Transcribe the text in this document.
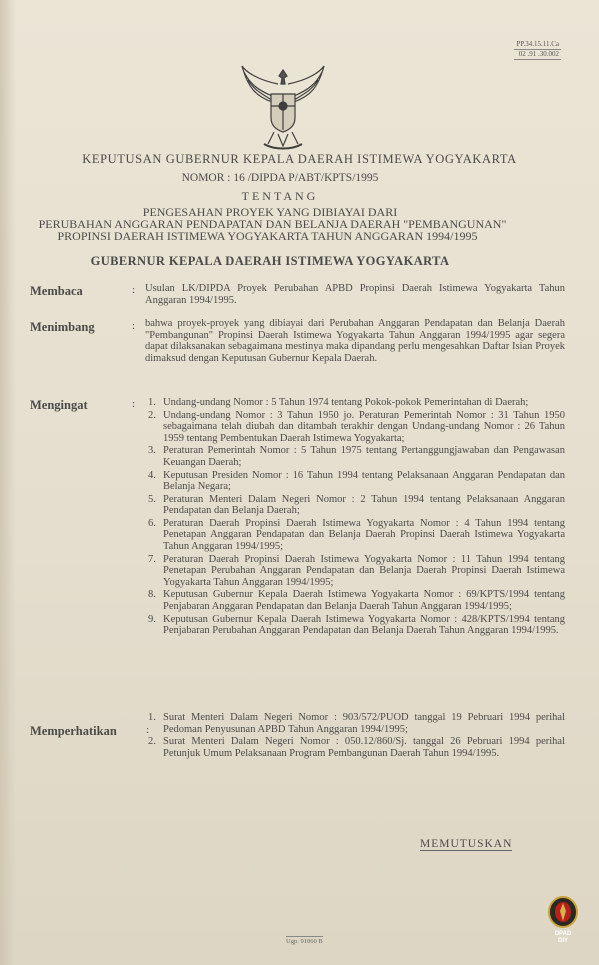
PP.34.15.11.Ca
02 .91 .30.002
KEPUTUSAN GUBERNUR KEPALA DAERAH ISTIMEWA YOGYAKARTA
NOMOR : 16 /DIPDA P/ABT/KPTS/1995
TENTANG
PENGESAHAN PROYEK YANG DIBIAYAI DARI
PERUBAHAN ANGGARAN PENDAPATAN DAN BELANJA DAERAH "PEMBANGUNAN"
PROPINSI DAERAH ISTIMEWA YOGYAKARTA TAHUN ANGGARAN 1994/1995
GUBERNUR KEPALA DAERAH ISTIMEWA YOGYAKARTA
Membaca	: Usulan LK/DIPDA Proyek Perubahan APBD Propinsi Daerah Istimewa Yogyakarta Tahun Anggaran 1994/1995.
Menimbang	: bahwa proyek-proyek yang dibiayai dari Perubahan Anggaran Pendapatan dan Belanja Daerah "Pembangunan" Propinsi Daerah Istimewa Yogyakarta Tahun Anggaran 1994/1995 agar segera dapat dilaksanakan sebagaimana mestinya maka dipandang perlu mengesahkan Daftar Isian Proyek dimaksud dengan Keputusan Gubernur Kepala Daerah.
Mengingat	: 1. Undang-undang Nomor : 5 Tahun 1974 tentang Pokok-pokok Pemerintahan di Daerah;
2. Undang-undang Nomor : 3 Tahun 1950 jo. Peraturan Pemerintah Nomor : 31 Tahun 1950 sebagaimana telah diubah dan ditambah terakhir dengan Undang-undang Nomor : 26 Tahun 1959 tentang Pembentukan Daerah Istimewa Yogyakarta;
3. Peraturan Pemerintah Nomor : 5 Tahun 1975 tentang Pertanggungjawaban dan Pengawasan Keuangan Daerah;
4. Keputusan Presiden Nomor : 16 Tahun 1994 tentang Pelaksanaan Anggaran Pendapatan dan Belanja Negara;
5. Peraturan Menteri Dalam Negeri Nomor : 2 Tahun 1994 tentang Pelaksanaan Anggaran Pendapatan dan Belanja Daerah;
6. Peraturan Daerah Propinsi Daerah Istimewa Yogyakarta Nomor : 4 Tahun 1994 tentang Penetapan Anggaran Pendapatan dan Belanja Daerah Propinsi Daerah Istimewa Yogyakarta Tahun Anggaran 1994/1995;
7. Peraturan Daerah Propinsi Daerah Istimewa Yogyakarta Nomor : 11 Tahun 1994 tentang Penetapan Perubahan Anggaran Pendapatan dan Belanja Daerah Propinsi Daerah Istimewa Yogyakarta Tahun Anggaran 1994/1995;
8. Keputusan Gubernur Kepala Daerah Istimewa Yogyakarta Nomor : 69/KPTS/1994 tentang Penjabaran Anggaran Pendapatan dan Belanja Daerah Tahun Anggaran 1994/1995;
9. Keputusan Gubernur Kepala Daerah Istimewa Yogyakarta Nomor : 428/KPTS/1994 tentang Penjabaran Perubahan Anggaran Pendapatan dan Belanja Daerah Tahun Anggaran 1994/1995.
Memperhatikan	:
1. Surat Menteri Dalam Negeri Nomor : 903/572/PUOD tanggal 19 Pebruari 1994 perihal Pedoman Penyusunan APBD Tahun Anggaran 1994/1995;
2. Surat Menteri Dalam Negeri Nomor : 050.12/860/Sj. tanggal 26 Pebruari 1994 perihal Petunjuk Umum Pelaksanaan Program Pembangunan Daerah Tahun 1994/1995.
MEMUTUSKAN
Ugp. 91060 B
DPAD
DIY
